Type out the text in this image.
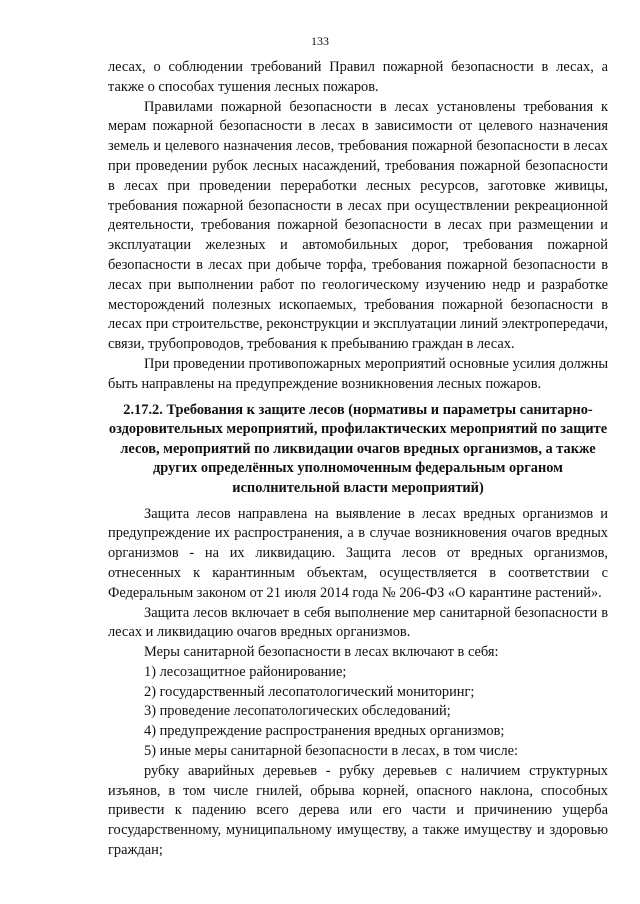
133

лесах, о соблюдении требований Правил пожарной безопасности в лесах, а также о способах тушения лесных пожаров.

Правилами пожарной безопасности в лесах установлены требования к мерам пожарной безопасности в лесах в зависимости от целевого назначения земель и целевого назначения лесов, требования пожарной безопасности в лесах при проведении рубок лесных насаждений, требования пожарной безопасности в лесах при проведении переработки лесных ресурсов, заготовке живицы, требования пожарной безопасности в лесах при осуществлении рекреационной деятельности, требования пожарной безопасности в лесах при размещении и эксплуатации железных и автомобильных дорог, требования пожарной безопасности в лесах при добыче торфа, требования пожарной безопасности в лесах при выполнении работ по геологическому изучению недр и разработке месторождений полезных ископаемых, требования пожарной безопасности в лесах при строительстве, реконструкции и эксплуатации линий электропередачи, связи, трубопроводов, требования к пребыванию граждан в лесах.

При проведении противопожарных мероприятий основные усилия должны быть направлены на предупреждение возникновения лесных пожаров.

2.17.2. Требования к защите лесов (нормативы и параметры санитарно-оздоровительных мероприятий, профилактических мероприятий по защите лесов, мероприятий по ликвидации очагов вредных организмов, а также других определённых уполномоченным федеральным органом исполнительной власти мероприятий)

Защита лесов направлена на выявление в лесах вредных организмов и предупреждение их распространения, а в случае возникновения очагов вредных организмов - на их ликвидацию. Защита лесов от вредных организмов, отнесенных к карантинным объектам, осуществляется в соответствии с Федеральным законом от 21 июля 2014 года № 206-ФЗ «О карантине растений».

Защита лесов включает в себя выполнение мер санитарной безопасности в лесах и ликвидацию очагов вредных организмов.

Меры санитарной безопасности в лесах включают в себя:

1) лесозащитное районирование;

2) государственный лесопатологический мониторинг;

3) проведение лесопатологических обследований;

4) предупреждение распространения вредных организмов;

5) иные меры санитарной безопасности в лесах, в том числе:

рубку аварийных деревьев - рубку деревьев с наличием структурных изъянов, в том числе гнилей, обрыва корней, опасного наклона, способных привести к падению всего дерева или его части и причинению ущерба государственному, муниципальному имуществу, а также имуществу и здоровью граждан;
